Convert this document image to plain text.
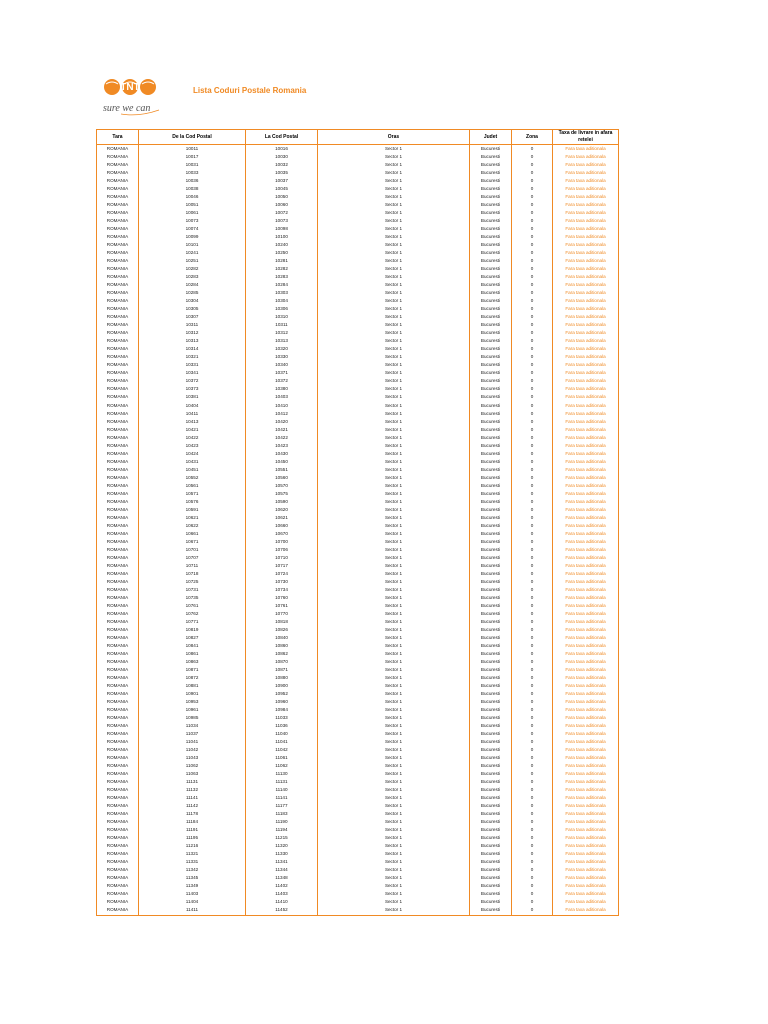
TNT
sure we can
Lista Coduri Postale Romania
Tara	De la Cod Postal	La Cod Postal	Oras	Judet	Zona	Taxa de livrare in afara retelei
ROMANIA	10011	10016	Sector 1	Bucuresti	0	Fara taxa aditionala
ROMANIA	10017	10030	Sector 1	Bucuresti	0	Fara taxa aditionala
ROMANIA	10031	10032	Sector 1	Bucuresti	0	Fara taxa aditionala
ROMANIA	10033	10035	Sector 1	Bucuresti	0	Fara taxa aditionala
ROMANIA	10036	10037	Sector 1	Bucuresti	0	Fara taxa aditionala
ROMANIA	10038	10045	Sector 1	Bucuresti	0	Fara taxa aditionala
ROMANIA	10046	10050	Sector 1	Bucuresti	0	Fara taxa aditionala
ROMANIA	10051	10060	Sector 1	Bucuresti	0	Fara taxa aditionala
ROMANIA	10061	10072	Sector 1	Bucuresti	0	Fara taxa aditionala
ROMANIA	10073	10073	Sector 1	Bucuresti	0	Fara taxa aditionala
ROMANIA	10074	10098	Sector 1	Bucuresti	0	Fara taxa aditionala
ROMANIA	10099	10100	Sector 1	Bucuresti	0	Fara taxa aditionala
ROMANIA	10101	10240	Sector 1	Bucuresti	0	Fara taxa aditionala
ROMANIA	10241	10250	Sector 1	Bucuresti	0	Fara taxa aditionala
ROMANIA	10251	10281	Sector 1	Bucuresti	0	Fara taxa aditionala
ROMANIA	10282	10282	Sector 1	Bucuresti	0	Fara taxa aditionala
ROMANIA	10283	10283	Sector 1	Bucuresti	0	Fara taxa aditionala
ROMANIA	10284	10284	Sector 1	Bucuresti	0	Fara taxa aditionala
ROMANIA	10285	10303	Sector 1	Bucuresti	0	Fara taxa aditionala
ROMANIA	10304	10304	Sector 1	Bucuresti	0	Fara taxa aditionala
ROMANIA	10305	10306	Sector 1	Bucuresti	0	Fara taxa aditionala
ROMANIA	10307	10310	Sector 1	Bucuresti	0	Fara taxa aditionala
ROMANIA	10311	10311	Sector 1	Bucuresti	0	Fara taxa aditionala
ROMANIA	10312	10312	Sector 1	Bucuresti	0	Fara taxa aditionala
ROMANIA	10313	10313	Sector 1	Bucuresti	0	Fara taxa aditionala
ROMANIA	10314	10320	Sector 1	Bucuresti	0	Fara taxa aditionala
ROMANIA	10321	10330	Sector 1	Bucuresti	0	Fara taxa aditionala
ROMANIA	10331	10340	Sector 1	Bucuresti	0	Fara taxa aditionala
ROMANIA	10341	10371	Sector 1	Bucuresti	0	Fara taxa aditionala
ROMANIA	10372	10372	Sector 1	Bucuresti	0	Fara taxa aditionala
ROMANIA	10373	10380	Sector 1	Bucuresti	0	Fara taxa aditionala
ROMANIA	10381	10403	Sector 1	Bucuresti	0	Fara taxa aditionala
ROMANIA	10404	10410	Sector 1	Bucuresti	0	Fara taxa aditionala
ROMANIA	10411	10412	Sector 1	Bucuresti	0	Fara taxa aditionala
ROMANIA	10413	10420	Sector 1	Bucuresti	0	Fara taxa aditionala
ROMANIA	10421	10421	Sector 1	Bucuresti	0	Fara taxa aditionala
ROMANIA	10422	10422	Sector 1	Bucuresti	0	Fara taxa aditionala
ROMANIA	10423	10423	Sector 1	Bucuresti	0	Fara taxa aditionala
ROMANIA	10424	10430	Sector 1	Bucuresti	0	Fara taxa aditionala
ROMANIA	10431	10450	Sector 1	Bucuresti	0	Fara taxa aditionala
ROMANIA	10451	10551	Sector 1	Bucuresti	0	Fara taxa aditionala
ROMANIA	10552	10560	Sector 1	Bucuresti	0	Fara taxa aditionala
ROMANIA	10561	10570	Sector 1	Bucuresti	0	Fara taxa aditionala
ROMANIA	10571	10575	Sector 1	Bucuresti	0	Fara taxa aditionala
ROMANIA	10576	10590	Sector 1	Bucuresti	0	Fara taxa aditionala
ROMANIA	10591	10620	Sector 1	Bucuresti	0	Fara taxa aditionala
ROMANIA	10621	10621	Sector 1	Bucuresti	0	Fara taxa aditionala
ROMANIA	10622	10660	Sector 1	Bucuresti	0	Fara taxa aditionala
ROMANIA	10661	10670	Sector 1	Bucuresti	0	Fara taxa aditionala
ROMANIA	10671	10700	Sector 1	Bucuresti	0	Fara taxa aditionala
ROMANIA	10701	10706	Sector 1	Bucuresti	0	Fara taxa aditionala
ROMANIA	10707	10710	Sector 1	Bucuresti	0	Fara taxa aditionala
ROMANIA	10711	10717	Sector 1	Bucuresti	0	Fara taxa aditionala
ROMANIA	10718	10724	Sector 1	Bucuresti	0	Fara taxa aditionala
ROMANIA	10725	10730	Sector 1	Bucuresti	0	Fara taxa aditionala
ROMANIA	10731	10734	Sector 1	Bucuresti	0	Fara taxa aditionala
ROMANIA	10735	10760	Sector 1	Bucuresti	0	Fara taxa aditionala
ROMANIA	10761	10761	Sector 1	Bucuresti	0	Fara taxa aditionala
ROMANIA	10762	10770	Sector 1	Bucuresti	0	Fara taxa aditionala
ROMANIA	10771	10818	Sector 1	Bucuresti	0	Fara taxa aditionala
ROMANIA	10819	10826	Sector 1	Bucuresti	0	Fara taxa aditionala
ROMANIA	10827	10840	Sector 1	Bucuresti	0	Fara taxa aditionala
ROMANIA	10841	10860	Sector 1	Bucuresti	0	Fara taxa aditionala
ROMANIA	10861	10862	Sector 1	Bucuresti	0	Fara taxa aditionala
ROMANIA	10863	10870	Sector 1	Bucuresti	0	Fara taxa aditionala
ROMANIA	10871	10871	Sector 1	Bucuresti	0	Fara taxa aditionala
ROMANIA	10872	10880	Sector 1	Bucuresti	0	Fara taxa aditionala
ROMANIA	10881	10900	Sector 1	Bucuresti	0	Fara taxa aditionala
ROMANIA	10901	10952	Sector 1	Bucuresti	0	Fara taxa aditionala
ROMANIA	10953	10960	Sector 1	Bucuresti	0	Fara taxa aditionala
ROMANIA	10961	10984	Sector 1	Bucuresti	0	Fara taxa aditionala
ROMANIA	10985	11033	Sector 1	Bucuresti	0	Fara taxa aditionala
ROMANIA	11034	11036	Sector 1	Bucuresti	0	Fara taxa aditionala
ROMANIA	11037	11040	Sector 1	Bucuresti	0	Fara taxa aditionala
ROMANIA	11041	11041	Sector 1	Bucuresti	0	Fara taxa aditionala
ROMANIA	11042	11042	Sector 1	Bucuresti	0	Fara taxa aditionala
ROMANIA	11043	11061	Sector 1	Bucuresti	0	Fara taxa aditionala
ROMANIA	11062	11062	Sector 1	Bucuresti	0	Fara taxa aditionala
ROMANIA	11063	11130	Sector 1	Bucuresti	0	Fara taxa aditionala
ROMANIA	11131	11131	Sector 1	Bucuresti	0	Fara taxa aditionala
ROMANIA	11132	11140	Sector 1	Bucuresti	0	Fara taxa aditionala
ROMANIA	11141	11141	Sector 1	Bucuresti	0	Fara taxa aditionala
ROMANIA	11142	11177	Sector 1	Bucuresti	0	Fara taxa aditionala
ROMANIA	11178	11183	Sector 1	Bucuresti	0	Fara taxa aditionala
ROMANIA	11184	11190	Sector 1	Bucuresti	0	Fara taxa aditionala
ROMANIA	11191	11194	Sector 1	Bucuresti	0	Fara taxa aditionala
ROMANIA	11195	11215	Sector 1	Bucuresti	0	Fara taxa aditionala
ROMANIA	11216	11320	Sector 1	Bucuresti	0	Fara taxa aditionala
ROMANIA	11321	11330	Sector 1	Bucuresti	0	Fara taxa aditionala
ROMANIA	11331	11341	Sector 1	Bucuresti	0	Fara taxa aditionala
ROMANIA	11342	11344	Sector 1	Bucuresti	0	Fara taxa aditionala
ROMANIA	11345	11348	Sector 1	Bucuresti	0	Fara taxa aditionala
ROMANIA	11349	11402	Sector 1	Bucuresti	0	Fara taxa aditionala
ROMANIA	11403	11403	Sector 1	Bucuresti	0	Fara taxa aditionala
ROMANIA	11404	11410	Sector 1	Bucuresti	0	Fara taxa aditionala
ROMANIA	11411	11452	Sector 1	Bucuresti	0	Fara taxa aditionala
